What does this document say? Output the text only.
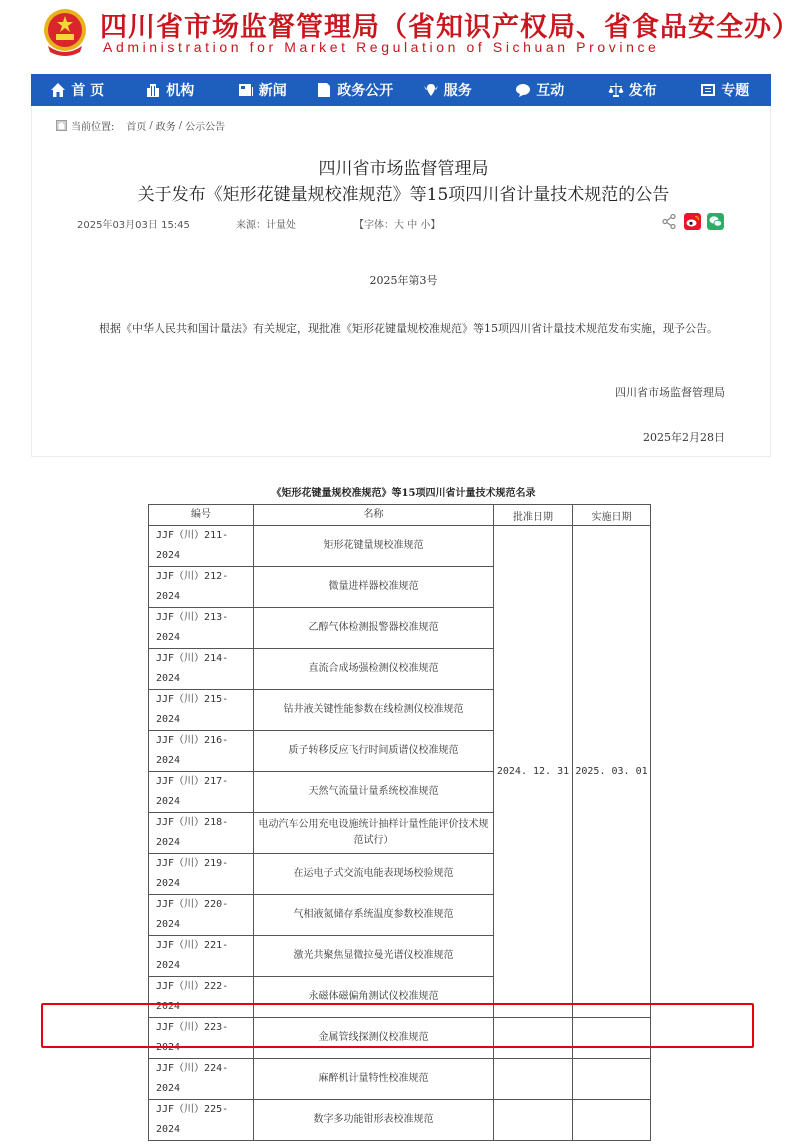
四川省市场监督管理局（省知识产权局、省食品安全办）
Administration for Market Regulation of Sichuan Province
首 页	机构	新闻	政务公开	服务	互动	发布	专题
当前位置: 首页 / 政务 / 公示公告
四川省市场监督管理局
关于发布《矩形花键量规校准规范》等15项四川省计量技术规范的公告
2025年03月03日 15:45	来源：计量处	【字体：大 中 小】
2025年第3号

根据《中华人民共和国计量法》有关规定，现批准《矩形花键量规校准规范》等15项四川省计量技术规范发布实施，现予公告。

四川省市场监督管理局
2025年2月28日
《矩形花键量规校准规范》等15项四川省计量技术规范名录
编号	名称	批准日期	实施日期

JJF（川）211-
2024	矩形花键量规校准规范	2024. 12. 31	2025. 03. 01

JJF（川）212-
2024	微量进样器校准规范		

JJF（川）213-
2024	乙醇气体检测报警器校准规范		

JJF（川）214-
2024	直流合成场强检测仪校准规范		

JJF（川）215-
2024	钻井液关键性能参数在线检测仪校准规范		

JJF（川）216-
2024	质子转移反应飞行时间质谱仪校准规范		

JJF（川）217-
2024	天然气流量计量系统校准规范		

JJF（川）218-
2024	电动汽车公用充电设施统计抽样计量性能评价技术规范试行）		

JJF（川）219-
2024	在运电子式交流电能表现场校验规范		

JJF（川）220-
2024	气相液氮储存系统温度参数校准规范		

JJF（川）221-
2024	激光共聚焦显微拉曼光谱仪校准规范		

JJF（川）222-
2024	永磁体磁偏角测试仪校准规范		

JJF（川）223-
2024	金属管线探测仪校准规范		

JJF（川）224-
2024	麻醉机计量特性校准规范		

JJF（川）225-
2024	数字多功能钳形表校准规范		
